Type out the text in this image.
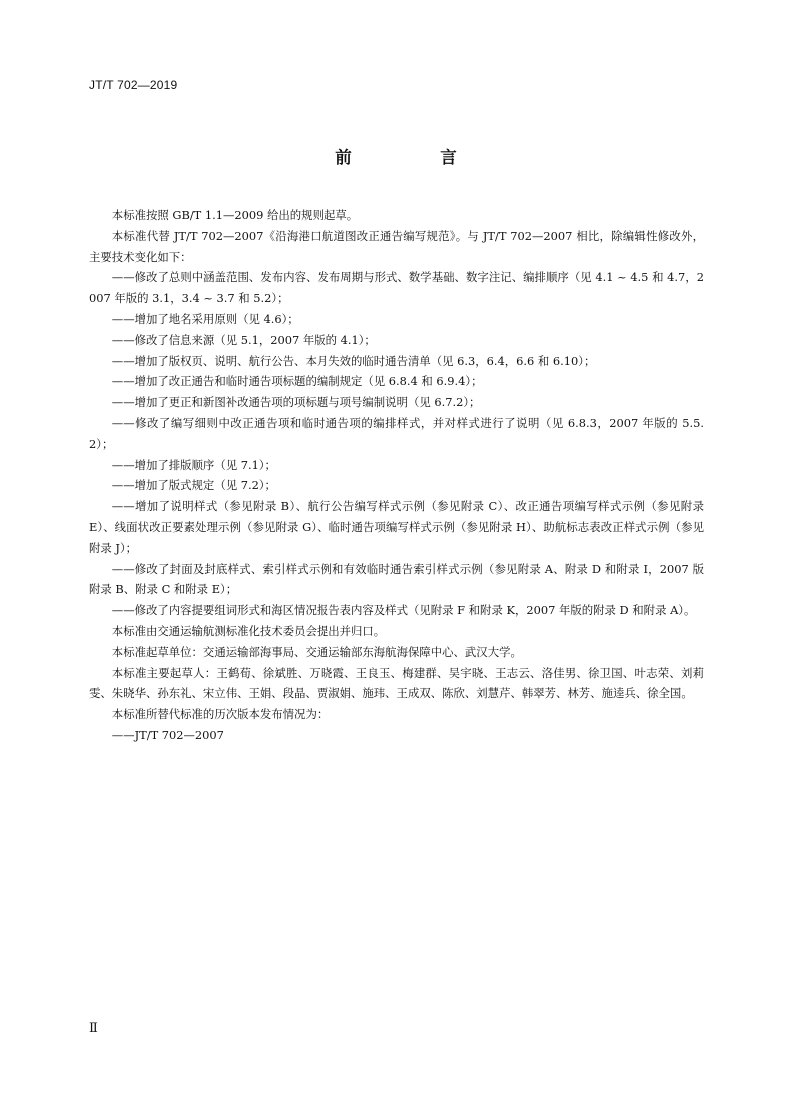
JT/T 702—2019
前　言

本标准按照 GB/T 1.1—2009 给出的规则起草。

本标准代替 JT/T 702—2007《沿海港口航道图改正通告编写规范》。与 JT/T 702—2007 相比，除编辑性修改外，主要技术变化如下：

——修改了总则中涵盖范围、发布内容、发布周期与形式、数学基础、数字注记、编排顺序（见 4.1 ~ 4.5 和 4.7，2007 年版的 3.1，3.4 ~ 3.7 和 5.2）；

——增加了地名采用原则（见 4.6）；

——修改了信息来源（见 5.1，2007 年版的 4.1）；

——增加了版权页、说明、航行公告、本月失效的临时通告清单（见 6.3，6.4，6.6 和 6.10）；

——增加了改正通告和临时通告项标题的编制规定（见 6.8.4 和 6.9.4）；

——增加了更正和新图补改通告项的项标题与项号编制说明（见 6.7.2）；

——修改了编写细则中改正通告项和临时通告项的编排样式，并对样式进行了说明（见 6.8.3，2007 年版的 5.5.2）；

——增加了排版顺序（见 7.1）；

——增加了版式规定（见 7.2）；

——增加了说明样式（参见附录 B）、航行公告编写样式示例（参见附录 C）、改正通告项编写样式示例（参见附录 E）、线面状改正要素处理示例（参见附录 G）、临时通告项编写样式示例（参见附录 H）、助航标志表改正样式示例（参见附录 J）；

——修改了封面及封底样式、索引样式示例和有效临时通告索引样式示例（参见附录 A、附录 D 和附录 I，2007 版附录 B、附录 C 和附录 E）；

——修改了内容提要组词形式和海区情况报告表内容及样式（见附录 F 和附录 K，2007 年版的附录 D 和附录 A）。

本标准由交通运输航测标准化技术委员会提出并归口。

本标准起草单位：交通运输部海事局、交通运输部东海航海保障中心、武汉大学。

本标准主要起草人：王鹤荀、徐斌胜、万晓霞、王良玉、梅建群、吴宇晓、王志云、洛佳男、徐卫国、叶志荣、刘莉雯、朱晓华、孙东礼、宋立伟、王娟、段晶、贾淑娟、施玮、王成双、陈欣、刘慧芹、韩翠芳、林芳、施逵兵、徐全国。

本标准所替代标准的历次版本发布情况为：

——JT/T 702—2007

Ⅱ
